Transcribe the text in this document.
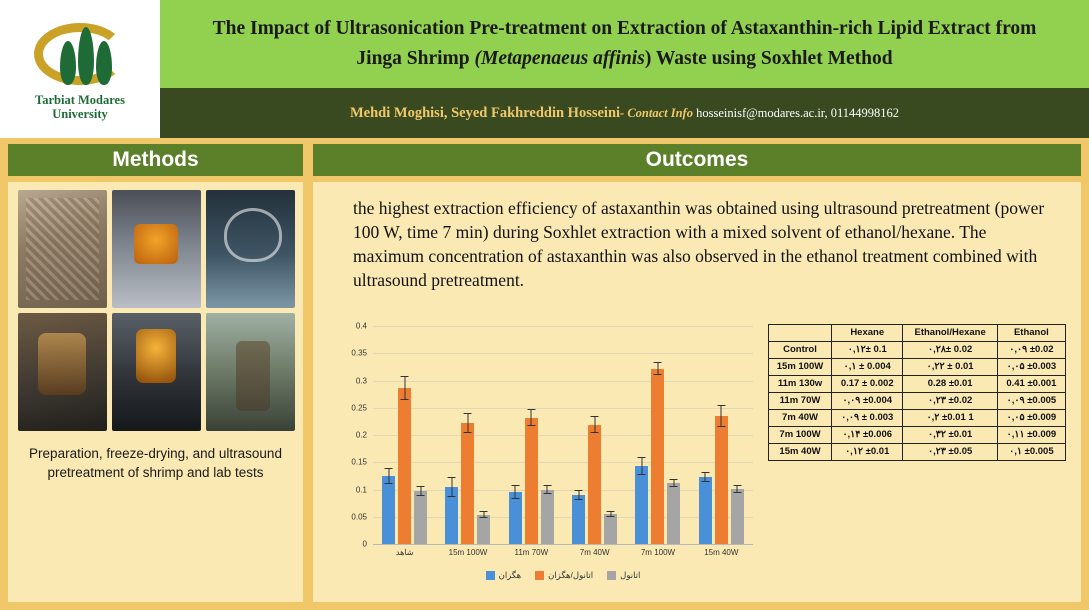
Tarbiat Modares
University
The Impact of Ultrasonication Pre-treatment on Extraction of Astaxanthin-rich Lipid Extract from
Jinga Shrimp (Metapenaeus affinis) Waste using Soxhlet Method
Mehdi Moghisi, Seyed Fakhreddin Hosseini- Contact Info hosseinisf@modares.ac.ir, 01144998162
Methods	Outcomes
Preparation, freeze-drying, and ultrasound pretreatment of shrimp and lab tests
the highest extraction efficiency of astaxanthin was obtained using ultrasound pretreatment (power 100 W, time 7 min) during Soxhlet extraction with a mixed solvent of ethanol/hexane. The maximum concentration of astaxanthin was also observed in the ethanol treatment combined with ultrasound pretreatment.
0
0.05
0.1
0.15
0.2
0.25
0.3
0.35
0.4
شاهد	15m 100W	11m 70W	7m 40W	7m 100W	15m 40W
هگزان	اتانول/هگزان	اتانول
	Hexane	Ethanol/Hexane	Ethanol
Control	۰,۱۲± 0.1	۰,۲۸± 0.02	۰,۰۹ ±0.02
15m 100W	۰,۱ ± 0.004	۰,۲۲ ± 0.01	۰,۰۵ ±0.003
11m 130w	0.17 ± 0.002	0.28 ±0.01	0.41 ±0.001
11m 70W	۰,۰۹ ±0.004	۰,۲۳ ±0.02	۰,۰۹ ±0.005
7m 40W	۰,۰۹ ± 0.003	۰,۲ ±0.01 1	۰,۰۵ ±0.009
7m 100W	۰,۱۴ ±0.006	۰,۳۲ ±0.01	۰,۱۱ ±0.009
15m 40W	۰,۱۲ ±0.01	۰,۲۳ ±0.05	۰,۱ ±0.005
